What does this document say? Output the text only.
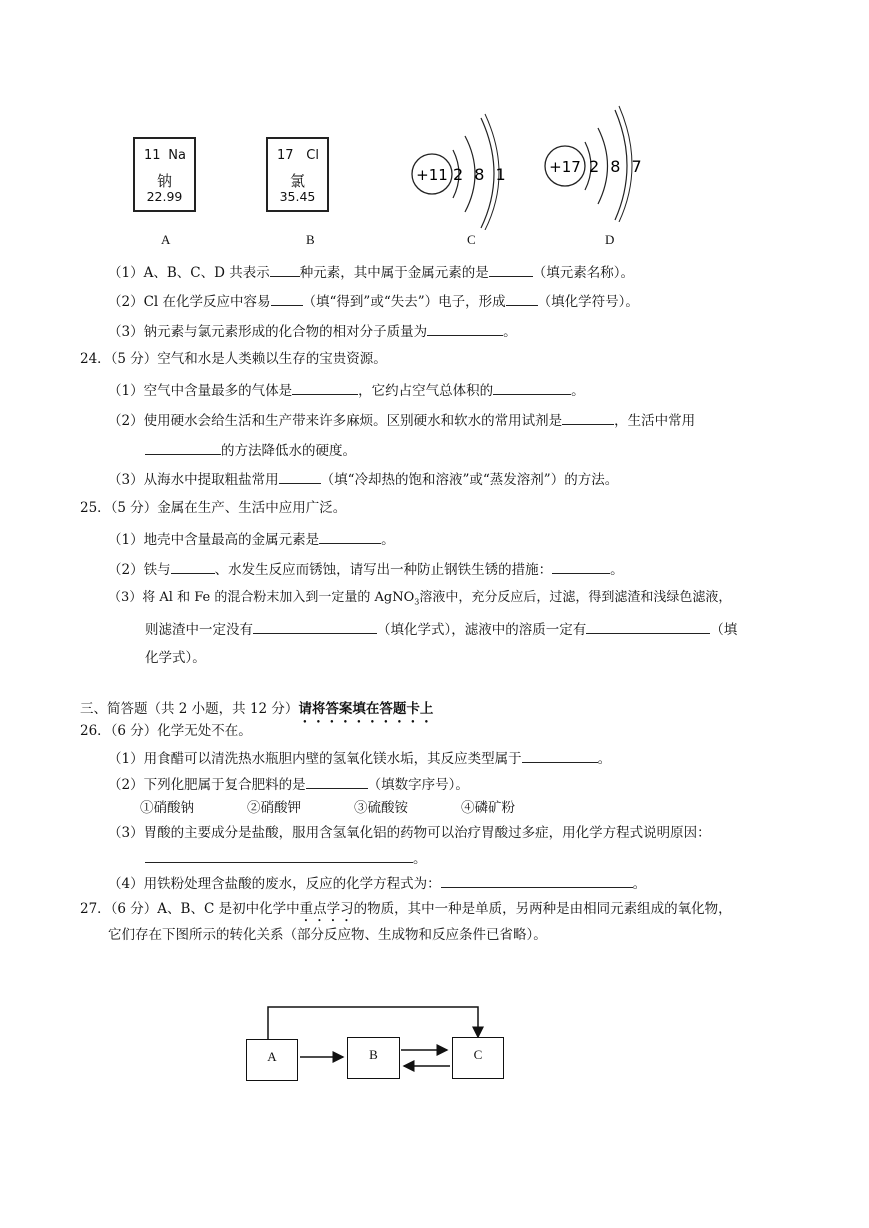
11 Na
钠
22.99
17 Cl
氯
35.45
+11 2 8 1	+17 2 8 7
A	B	C	D
（1）A、B、C、D 共表示 种元素，其中属于金属元素的是	（填元素名称）。
（2）Cl 在化学反应中容易 （填“得到”或“失去”）电子，形成 （填化学符号）。
（3）钠元素与氯元素形成的化合物的相对分子质量为	。
24．（5 分）空气和水是人类赖以生存的宝贵资源。
（1）空气中含量最多的气体是	，它约占空气总体积的	。
（2）使用硬水会给生活和生产带来许多麻烦。区别硬水和软水的常用试剂是	，生活中常用
的方法降低水的硬度。
（3）从海水中提取粗盐常用	（填“冷却热的饱和溶液”或“蒸发溶剂”）的方法。
25．（5 分）金属在生产、生活中应用广泛。
（1）地壳中含量最高的金属元素是	。
（2）铁与	、水发生反应而锈蚀，请写出一种防止钢铁生锈的措施：	。
（3）将 Al 和 Fe 的混合粉末加入到一定量的 AgNO$_3$溶液中，充分反应后，过滤，得到滤渣和浅绿色滤液，
则滤渣中一定没有	（填化学式），滤液中的溶质一定有	（填
化学式）。
三、简答题（共 2 小题，共 12 分）请将答案填在答题卡上
26．（6 分）化学无处不在。
（1）用食醋可以清洗热水瓶胆内壁的氢氧化镁水垢，其反应类型属于	。
（2）下列化肥属于复合肥料的是	（填数字序号）。
①硝酸钠	②硝酸钾	③硫酸铵	④磷矿粉
（3）胃酸的主要成分是盐酸，服用含氢氧化铝的药物可以治疗胃酸过多症，用化学方程式说明原因：
。
（4）用铁粉处理含盐酸的废水，反应的化学方程式为：	。
27．（6 分）A、B、C 是初中化学中重点学习的物质，其中一种是单质，另两种是由相同元素组成的氧化物，
它们存在下图所示的转化关系（部分反应物、生成物和反应条件已省略）。
A	B	C
